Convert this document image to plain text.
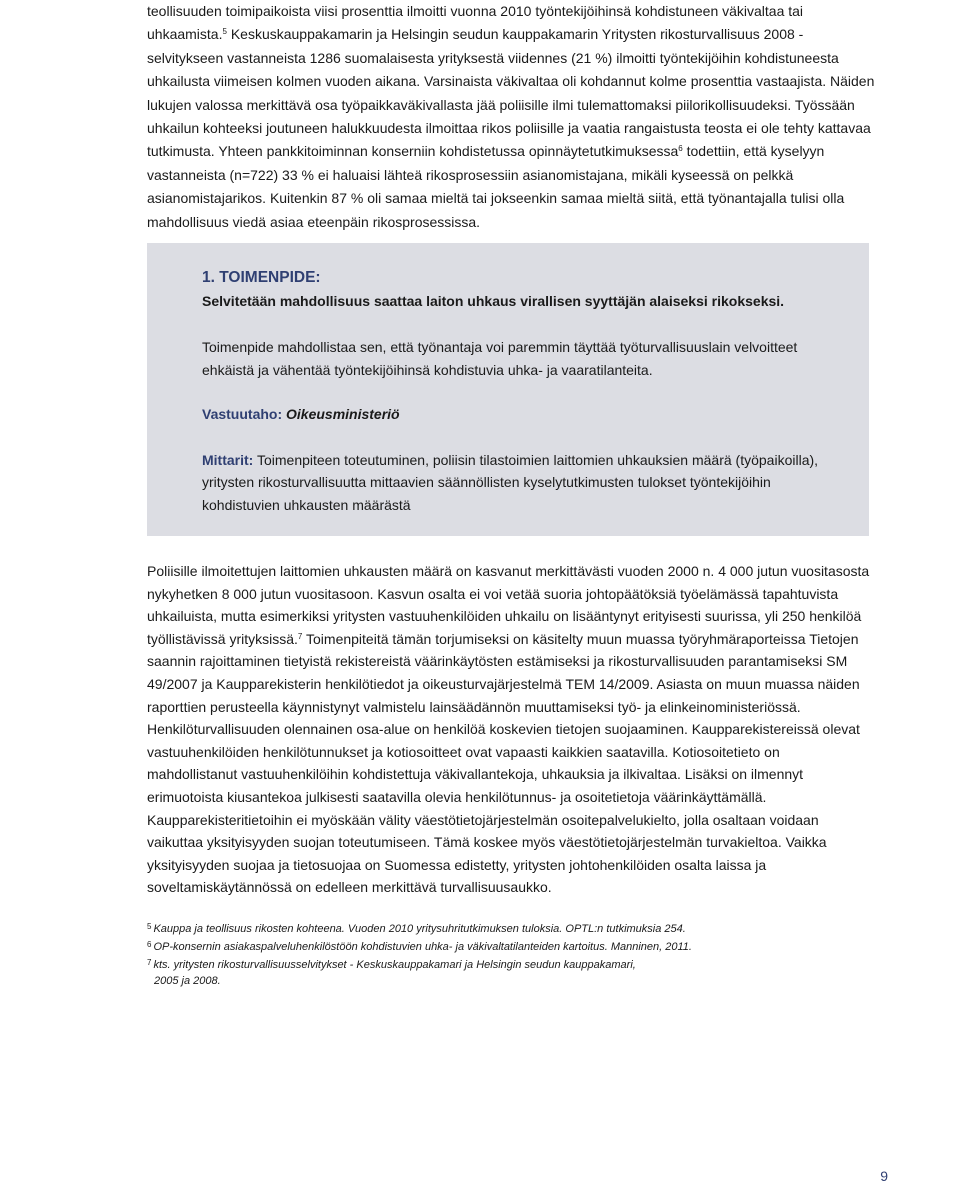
teollisuuden toimipaikoista viisi prosenttia ilmoitti vuonna 2010 työntekijöihinsä kohdistuneen väkivaltaa tai uhkaamista.$^5$ Keskuskauppakamarin ja Helsingin seudun kauppakamarin Yritysten rikosturvallisuus 2008 -selvitykseen vastanneista 1286 suomalaisesta yrityksestä viidennes (21 %) ilmoitti työntekijöihin kohdistuneesta uhkailusta viimeisen kolmen vuoden aikana. Varsinaista väkivaltaa oli kohdannut kolme prosenttia vastaajista. Näiden lukujen valossa merkittävä osa työpaikkaväkivallasta jää poliisille ilmi tulemattomaksi piilorikollisuudeksi. Työssään uhkailun kohteeksi joutuneen halukkuudesta ilmoittaa rikos poliisille ja vaatia rangaistusta teosta ei ole tehty kattavaa tutkimusta. Yhteen pankkitoiminnan konserniin kohdistetussa opinnäytetutkimuksessa$^6$ todettiin, että kyselyyn vastanneista (n=722) 33 % ei haluaisi lähteä rikosprosessiin asianomistajana, mikäli kyseessä on pelkkä asianomistajarikos. Kuitenkin 87 % oli samaa mieltä tai jokseenkin samaa mieltä siitä, että työnantajalla tulisi olla mahdollisuus viedä asiaa eteenpäin rikosprosessissa.

1. TOIMENPIDE:

Selvitetään mahdollisuus saattaa laiton uhkaus virallisen syyttäjän alaiseksi rikokseksi.

Toimenpide mahdollistaa sen, että työnantaja voi paremmin täyttää työturvallisuuslain velvoitteet ehkäistä ja vähentää työntekijöihinsä kohdistuvia uhka- ja vaaratilanteita.

Vastuutaho: Oikeusministeriö

Mittarit: Toimenpiteen toteutuminen, poliisin tilastoimien laittomien uhkauksien määrä (työpaikoilla), yritysten rikosturvallisuutta mittaavien säännöllisten kyselytutkimusten tulokset työntekijöihin kohdistuvien uhkausten määrästä

Poliisille ilmoitettujen laittomien uhkausten määrä on kasvanut merkittävästi vuoden 2000 n. 4 000 jutun vuositasosta nykyhetken 8 000 jutun vuositasoon. Kasvun osalta ei voi vetää suoria johtopäätöksiä työelämässä tapahtuvista uhkailuista, mutta esimerkiksi yritysten vastuuhenkilöiden uhkailu on lisääntynyt erityisesti suurissa, yli 250 henkilöä työllistävissä yrityksissä.$^7$ Toimenpiteitä tämän torjumiseksi on käsitelty muun muassa työryhmäraporteissa Tietojen saannin rajoittaminen tietyistä rekistereistä väärinkäytösten estämiseksi ja rikosturvallisuuden parantamiseksi SM 49/2007 ja Kaupparekisterin henkilötiedot ja oikeusturvajärjestelmä TEM 14/2009. Asiasta on muun muassa näiden raporttien perusteella käynnistynyt valmistelu lainsäädännön muuttamiseksi työ- ja elinkeinoministeriössä. Henkilöturvallisuuden olennainen osa-alue on henkilöä koskevien tietojen suojaaminen. Kaupparekistereissä olevat vastuuhenkilöiden henkilötunnukset ja kotiosoitteet ovat vapaasti kaikkien saatavilla. Kotiosoitetieto on mahdollistanut vastuuhenkilöihin kohdistettuja väkivallantekoja, uhkauksia ja ilkivaltaa. Lisäksi on ilmennyt erimuotoista kiusantekoa julkisesti saatavilla olevia henkilötunnus- ja osoitetietoja väärinkäyttämällä. Kaupparekisteritietoihin ei myöskään välity väestötietojärjestelmän osoitepalvelukielto, jolla osaltaan voidaan vaikuttaa yksityisyyden suojan toteutumiseen. Tämä koskee myös väestötietojärjestelmän turvakieltoa. Vaikka yksityisyyden suojaa ja tietosuojaa on Suomessa edistetty, yritysten johtohenkilöiden osalta laissa ja soveltamiskäytännössä on edelleen merkittävä turvallisuusaukko.

$^5$ Kauppa ja teollisuus rikosten kohteena. Vuoden 2010 yritysuhritutkimuksen tuloksia. OPTL:n tutkimuksia 254.

$^6$ OP-konsernin asiakaspalveluhenkilöstöön kohdistuvien uhka- ja väkivaltatilanteiden kartoitus. Manninen, 2011.

$^7$ kts. yritysten rikosturvallisuusselvitykset - Keskuskauppakamari ja Helsingin seudun kauppakamari,

2005 ja 2008.

9
